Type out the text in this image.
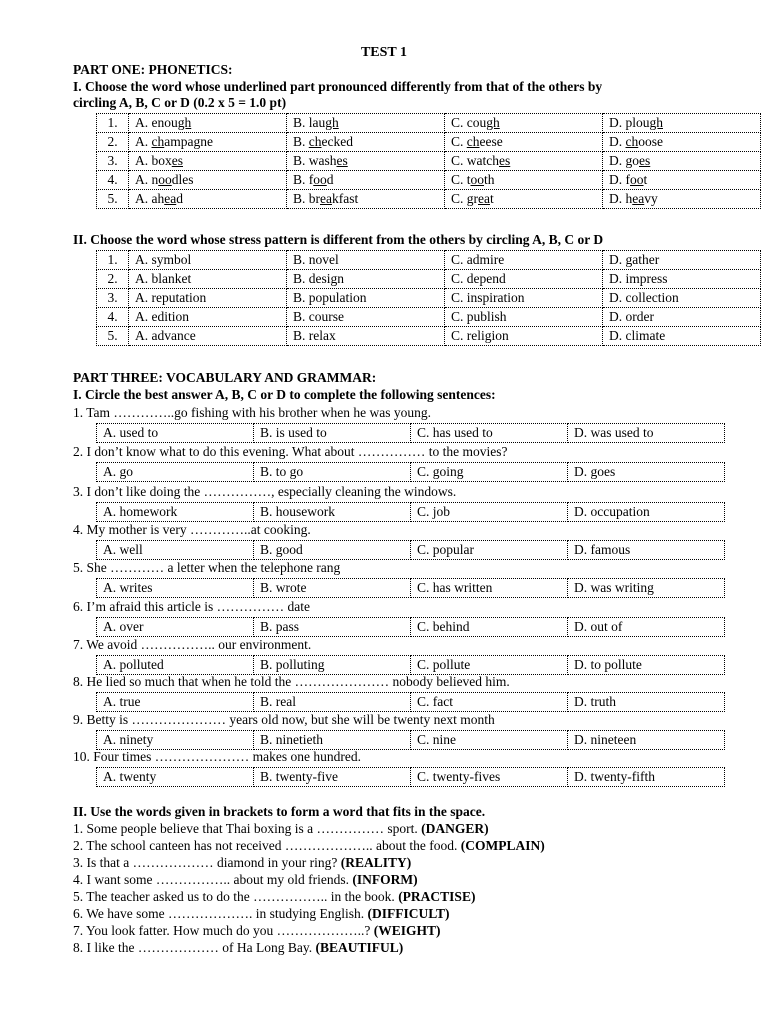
TEST 1
PART ONE: PHONETICS:
I. Choose the word whose underlined part pronounced differently from that of the others by
circling A, B, C or D (0.2 x 5 = 1.0 pt)
1.	A. enough	B. laugh	C. cough	D. plough
2.	A. champagne	B. checked	C. cheese	D. choose
3.	A. boxes	B. washes	C. watches	D. goes
4.	A. noodles	B. food	C. tooth	D. foot
5.	A. ahead	B. breakfast	C. great	D. heavy
II. Choose the word whose stress pattern is different from the others by circling A, B, C or D
1.	A. symbol	B. novel	C. admire	D. gather
2.	A. blanket	B. design	C. depend	D. impress
3.	A. reputation	B. population	C. inspiration	D. collection
4.	A. edition	B. course	C. publish	D. order
5.	A. advance	B. relax	C. religion	D. climate
PART THREE: VOCABULARY AND GRAMMAR:
I. Circle the best answer A, B, C or D to complete the following sentences:
1. Tam …………..go fishing with his brother when he was young.
A. used to	B. is used to	C. has used to	D. was used to
2. I don’t know what to do this evening. What about …………… to the movies?
A. go	B. to go	C. going	D. goes
3. I don’t like doing the ……………, especially cleaning the windows.
A. homework	B. housework	C. job	D. occupation
4. My mother is very …………..at cooking.
A. well	B. good	C. popular	D. famous
5. She ………… a letter when the telephone rang
A. writes	B. wrote	C. has written	D. was writing
6. I’m afraid this article is …………… date
A. over	B. pass	C. behind	D. out of
7. We avoid …………….. our environment.
A. polluted	B. polluting	C. pollute	D. to pollute
8. He lied so much that when he told the ………………… nobody believed him.
A. true	B. real	C. fact	D. truth
9. Betty is ………………… years old now, but she will be twenty next month
A. ninety	B. ninetieth	C. nine	D. nineteen
10. Four times ………………… makes one hundred.
A. twenty	B. twenty-five	C. twenty-fives	D. twenty-fifth
II. Use the words given in brackets to form a word that fits in the space.
1. Some people believe that Thai boxing is a …………… sport. (DANGER)
2. The school canteen has not received ……………….. about the food. (COMPLAIN)
3. Is that a ……………… diamond in your ring? (REALITY)
4. I want some …………….. about my old friends. (INFORM)
5. The teacher asked us to do the …………….. in the book. (PRACTISE)
6. We have some ………………. in studying English. (DIFFICULT)
7. You look fatter. How much do you ………………..? (WEIGHT)
8. I like the ……………… of Ha Long Bay. (BEAUTIFUL)
